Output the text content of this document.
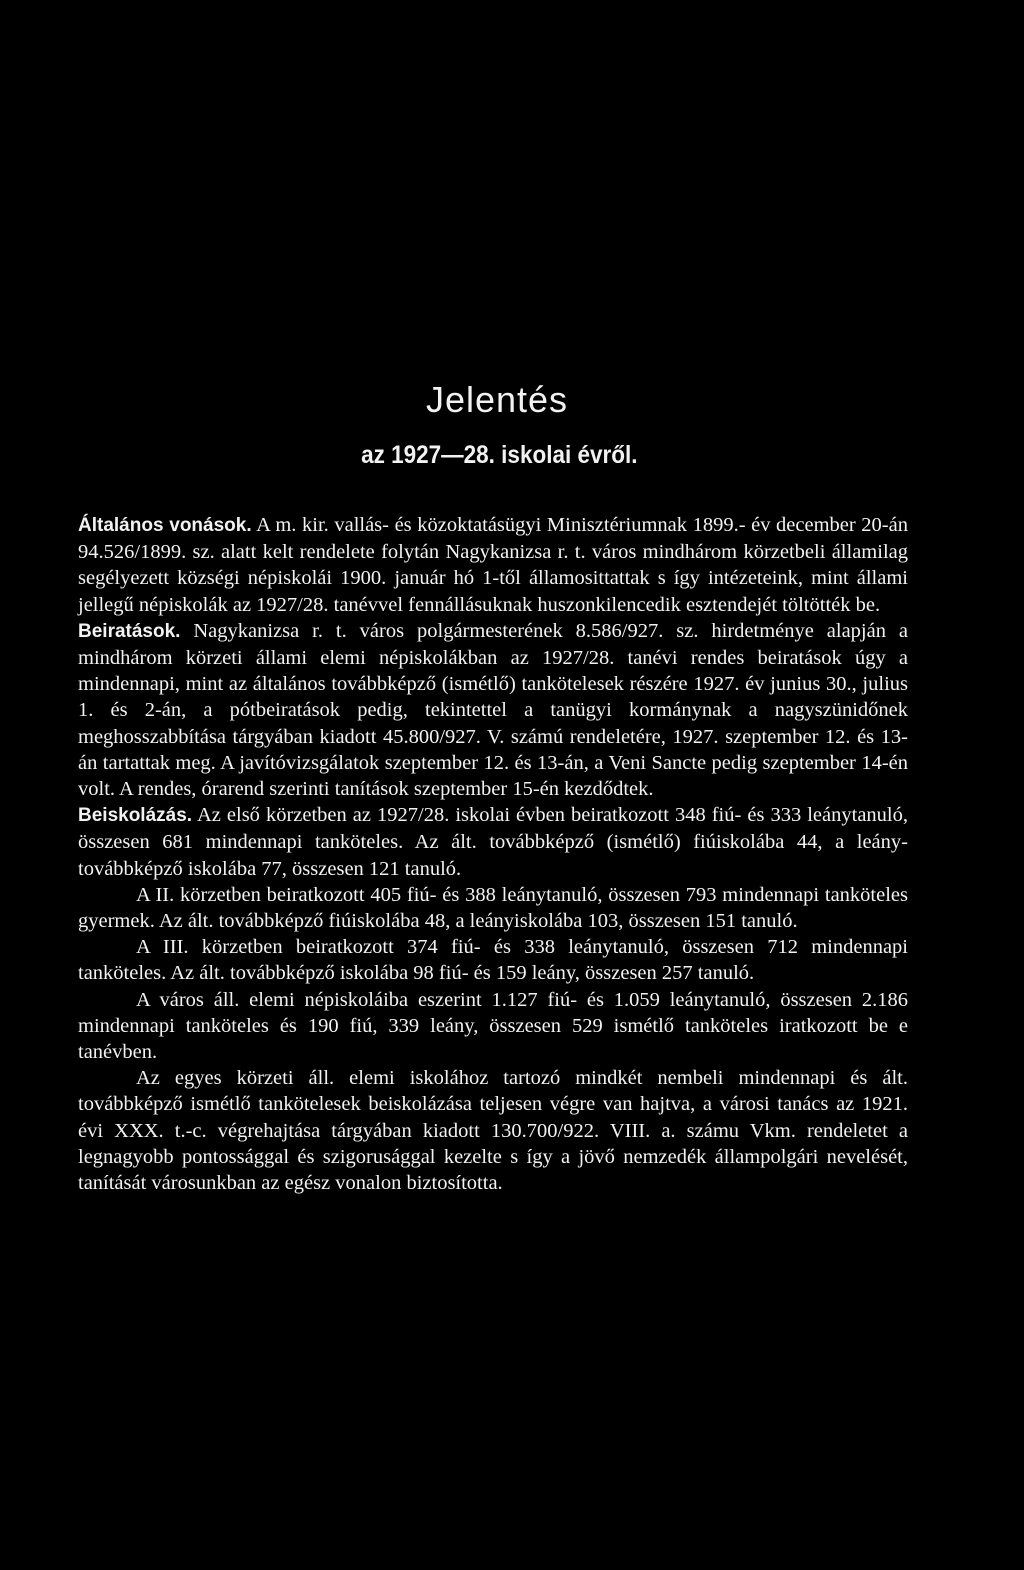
Jelentés
az 1927—28. iskolai évről.

Általános vonások. A m. kir. vallás- és közoktatásügyi Minisztériumnak 1899.- év december 20-án 94.526/1899. sz. alatt kelt rendelete folytán Nagykanizsa r. t. város mindhárom körzetbeli államilag segélyezett községi népiskolái 1900. január hó 1-től államosittattak s így intézeteink, mint állami jellegű népiskolák az 1927/28. tanévvel fennállásuknak huszonkilencedik esztendejét töltötték be.

Beiratások. Nagykanizsa r. t. város polgármesterének 8.586/927. sz. hirdetménye alapján a mindhárom körzeti állami elemi népiskolákban az 1927/28. tanévi rendes beiratások úgy a mindennapi, mint az általános továbbképző (ismétlő) tankötelesek részére 1927. év junius 30., julius 1. és 2-án, a pótbeiratások pedig, tekintettel a tanügyi kormánynak a nagyszünidőnek meghosszabbítása tárgyában kiadott 45.800/927. V. számú rendeletére, 1927. szeptember 12. és 13-án tartattak meg. A javítóvizsgálatok szeptember 12. és 13-án, a Veni Sancte pedig szeptember 14-én volt. A rendes, órarend szerinti tanítások szeptember 15-én kezdődtek.

Beiskolázás. Az első körzetben az 1927/28. iskolai évben beiratkozott 348 fiú- és 333 leánytanuló, összesen 681 mindennapi tanköteles. Az ált. továbbképző (ismétlő) fiúiskolába 44, a leány-továbbképző iskolába 77, összesen 121 tanuló.

A II. körzetben beiratkozott 405 fiú- és 388 leánytanuló, összesen 793 mindennapi tanköteles gyermek. Az ált. továbbképző fiúiskolába 48, a leányiskolába 103, összesen 151 tanuló.

A III. körzetben beiratkozott 374 fiú- és 338 leánytanuló, összesen 712 mindennapi tanköteles. Az ált. továbbképző iskolába 98 fiú- és 159 leány, összesen 257 tanuló.

A város áll. elemi népiskoláiba eszerint 1.127 fiú- és 1.059 leánytanuló, összesen 2.186 mindennapi tanköteles és 190 fiú, 339 leány, összesen 529 ismétlő tanköteles iratkozott be e tanévben.

Az egyes körzeti áll. elemi iskolához tartozó mindkét nembeli mindennapi és ált. továbbképző ismétlő tankötelesek beiskolázása teljesen végre van hajtva, a városi tanács az 1921. évi XXX. t.-c. végrehajtása tárgyában kiadott 130.700/922. VIII. a. számu Vkm. rendeletet a legnagyobb pontossággal és szigorusággal kezelte s így a jövő nemzedék állampolgári nevelését, tanítását városunkban az egész vonalon biztosította.
